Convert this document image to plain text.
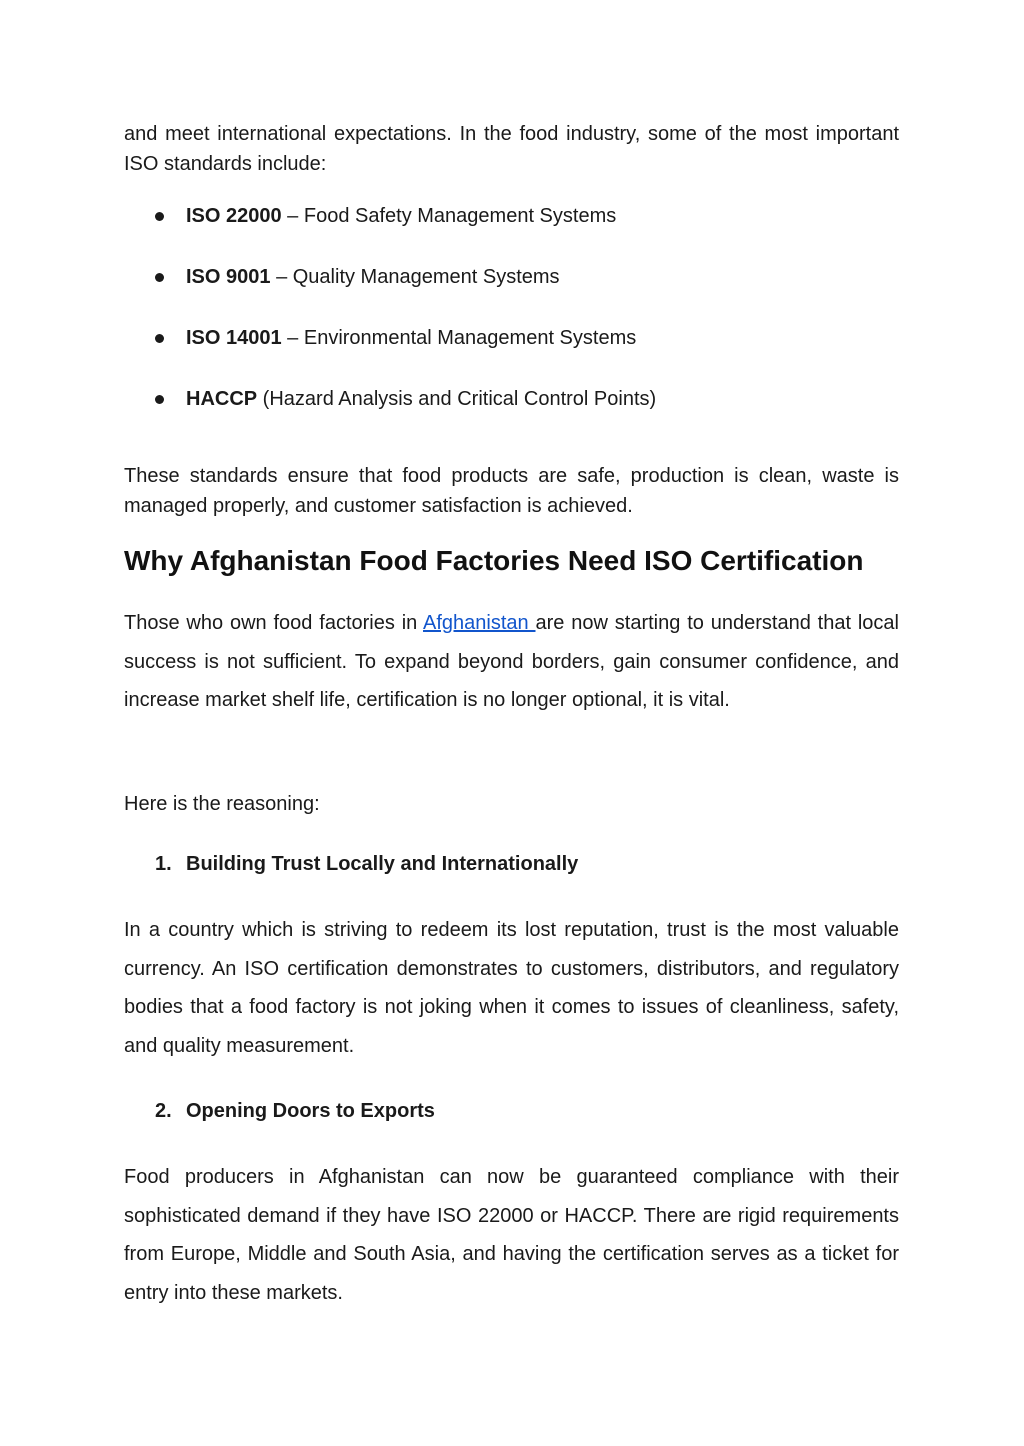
and meet international expectations. In the food industry, some of the most important ISO standards include:

ISO 22000 – Food Safety Management Systems
ISO 9001 – Quality Management Systems
ISO 14001 – Environmental Management Systems
HACCP (Hazard Analysis and Critical Control Points)

These standards ensure that food products are safe, production is clean, waste is managed properly, and customer satisfaction is achieved.

Why Afghanistan Food Factories Need ISO Certification

Those who own food factories in Afghanistan are now starting to understand that local success is not sufficient. To expand beyond borders, gain consumer confidence, and increase market shelf life, certification is no longer optional, it is vital.

Here is the reasoning:

1. Building Trust Locally and Internationally

In a country which is striving to redeem its lost reputation, trust is the most valuable currency. An ISO certification demonstrates to customers, distributors, and regulatory bodies that a food factory is not joking when it comes to issues of cleanliness, safety, and quality measurement.

2. Opening Doors to Exports

Food producers in Afghanistan can now be guaranteed compliance with their sophisticated demand if they have ISO 22000 or HACCP. There are rigid requirements from Europe, Middle and South Asia, and having the certification serves as a ticket for entry into these markets.
